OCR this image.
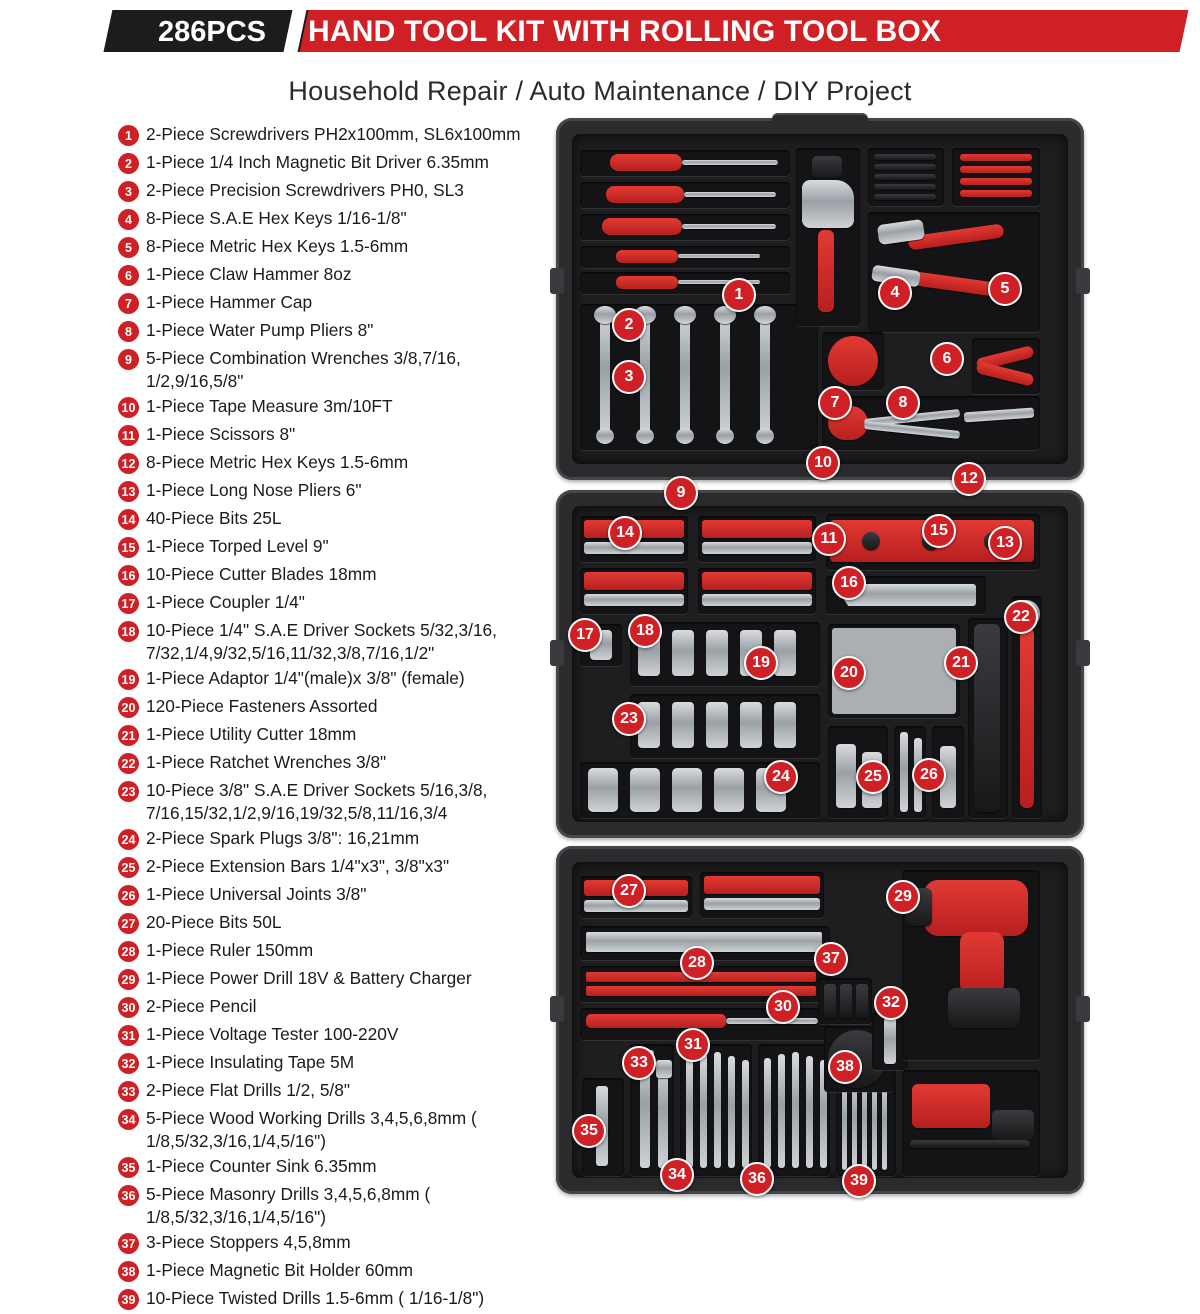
286PCS	HAND TOOL KIT WITH ROLLING TOOL BOX
Household Repair / Auto Maintenance / DIY Project
1 2-Piece Screwdrivers PH2x100mm, SL6x100mm
2 1-Piece 1/4 Inch Magnetic Bit Driver 6.35mm
3 2-Piece Precision Screwdrivers PH0, SL3
4 8-Piece S.A.E Hex Keys 1/16-1/8"
5 8-Piece Metric Hex Keys 1.5-6mm
6 1-Piece Claw Hammer 8oz
7 1-Piece Hammer Cap
8 1-Piece Water Pump Pliers 8"
9 5-Piece Combination Wrenches 3/8,7/16, 1/2,9/16,5/8"
10 1-Piece Tape Measure 3m/10FT
11 1-Piece Scissors 8"
12 8-Piece Metric Hex Keys 1.5-6mm
13 1-Piece Long Nose Pliers 6"
14 40-Piece Bits 25L
15 1-Piece Torped Level 9"
16 10-Piece Cutter Blades 18mm
17 1-Piece Coupler 1/4"
18 10-Piece 1/4" S.A.E Driver Sockets 5/32,3/16, 7/32,1/4,9/32,5/16,11/32,3/8,7/16,1/2"
19 1-Piece Adaptor 1/4"(male)x 3/8" (female)
20 120-Piece Fasteners Assorted
21 1-Piece Utility Cutter 18mm
22 1-Piece Ratchet Wrenches 3/8"
23 10-Piece 3/8" S.A.E Driver Sockets 5/16,3/8, 7/16,15/32,1/2,9/16,19/32,5/8,11/16,3/4
24 2-Piece Spark Plugs 3/8": 16,21mm
25 2-Piece Extension Bars 1/4"x3", 3/8"x3"
26 1-Piece Universal Joints 3/8"
27 20-Piece Bits 50L
28 1-Piece Ruler 150mm
29 1-Piece Power Drill 18V & Battery Charger
30 2-Piece Pencil
31 1-Piece Voltage Tester 100-220V
32 1-Piece Insulating Tape 5M
33 2-Piece Flat Drills 1/2, 5/8"
34 5-Piece Wood Working Drills 3,4,5,6,8mm ( 1/8,5/32,3/16,1/4,5/16")
35 1-Piece Counter Sink 6.35mm
36 5-Piece Masonry Drills 3,4,5,6,8mm ( 1/8,5/32,3/16,1/4,5/16")
37 3-Piece Stoppers 4,5,8mm
38 1-Piece Magnetic Bit Holder 60mm
39 10-Piece Twisted Drills 1.5-6mm ( 1/16-1/8")
1
2
3
4	5
6
7	8
9
10
11
12
13
14	15
16
17	18
19
20
21
22
23
24	25	26
27
28
29
30
31
32
33
34
35
36
37
38
39
